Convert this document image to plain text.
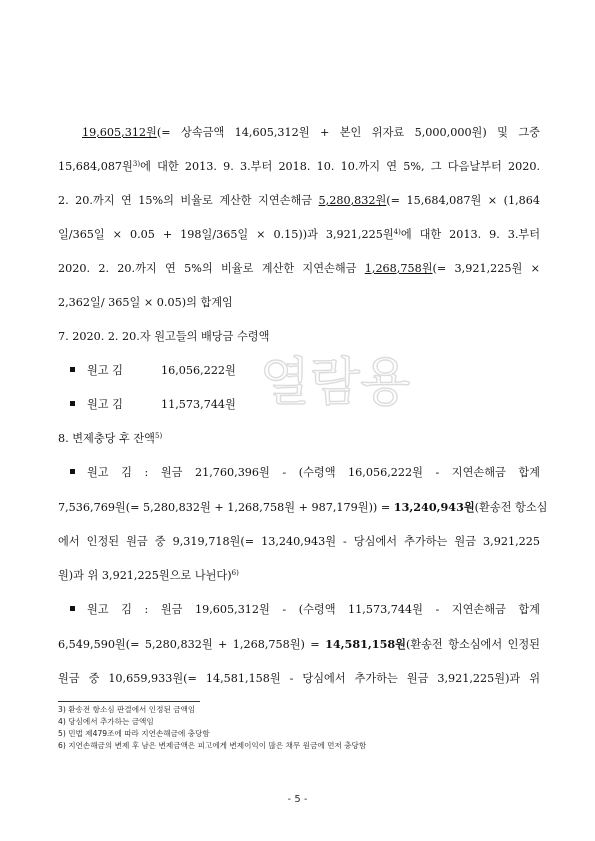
열람용

19,605,312원(= 상속금액 14,605,312원 + 본인 위자료 5,000,000원) 및 그중

15,684,087원$^{3)}$에 대한 2013. 9. 3.부터 2018. 10. 10.까지 연 5%, 그 다음날부터 2020.

2. 20.까지 연 15%의 비율로 계산한 지연손해금 5,280,832원(= 15,684,087원 × (1,864

일/365일 × 0.05 + 198일/365일 × 0.15))과 3,921,225원$^{4)}$에 대한 2013. 9. 3.부터

2020. 2. 20.까지 연 5%의 비율로 계산한 지연손해금 1,268,758원(= 3,921,225원 ×

2,362일/ 365일 × 0.05)의 합계임

7. 2020. 2. 20.자 원고들의 배당금 수령액

원고 김	16,056,222원

원고 김	11,573,744원

8. 변제충당 후 잔액$^{5)}$

원고 김 : 원금 21,760,396원 - (수령액 16,056,222원 - 지연손해금 합계

7,536,769원(= 5,280,832원 + 1,268,758원 + 987,179원)) = 13,240,943원(환송전 항소심

에서 인정된 원금 중 9,319,718원(= 13,240,943원 - 당심에서 추가하는 원금 3,921,225

원)과 위 3,921,225원으로 나뉜다)$^{6)}$

원고 김 : 원금 19,605,312원 - (수령액 11,573,744원 - 지연손해금 합계

6,549,590원(= 5,280,832원 + 1,268,758원) = 14,581,158원(환송전 항소심에서 인정된

원금 중 10,659,933원(= 14,581,158원 - 당심에서 추가하는 원금 3,921,225원)과 위

3) 환송전 항소심 판결에서 인정된 금액임
4) 당심에서 추가하는 금액임
5) 민법 제479조에 따라 지연손해금에 충당함
6) 지연손해금의 변제 후 남은 변제금액은 피고에게 변제이익이 많은 채무 원금에 먼저 충당함
- 5 -
